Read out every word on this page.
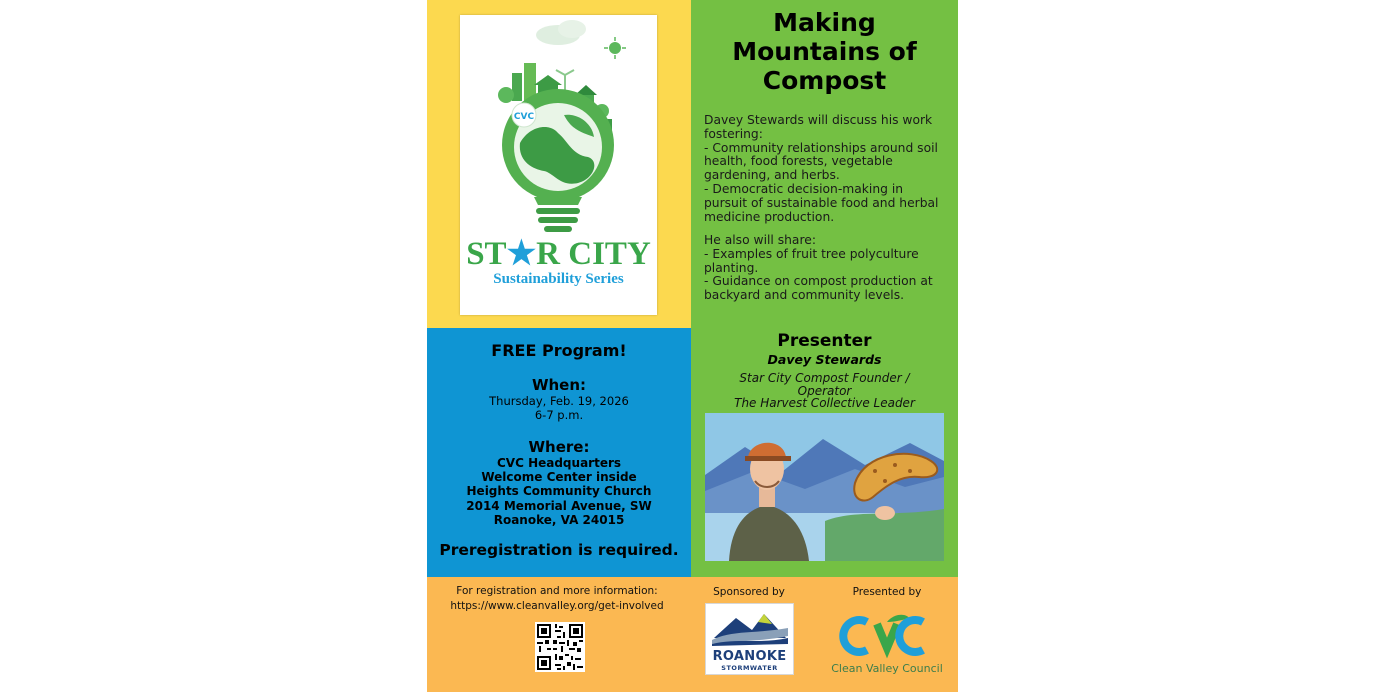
CVC
ST★R CITY
Sustainability Series
Making
Mountains of
Compost
Davey Stewards will discuss his work fostering:
- Community relationships around soil health, food forests, vegetable gardening, and herbs.
- Democratic decision-making in pursuit of sustainable food and herbal medicine production.
He also will share:
- Examples of fruit tree polyculture planting.
- Guidance on compost production at backyard and community levels.
Presenter
Davey Stewards
Star City Compost Founder /
Operator
The Harvest Collective Leader
FREE Program!
When:
Thursday, Feb. 19, 2026
6-7 p.m.
Where:
CVC Headquarters
Welcome Center inside
Heights Community Church
2014 Memorial Avenue, SW
Roanoke, VA 24015
Preregistration is required.
For registration and more information:
https://www.cleanvalley.org/get-involved
Sponsored by
ROANOKE
STORMWATER
Presented by
Clean Valley Council
